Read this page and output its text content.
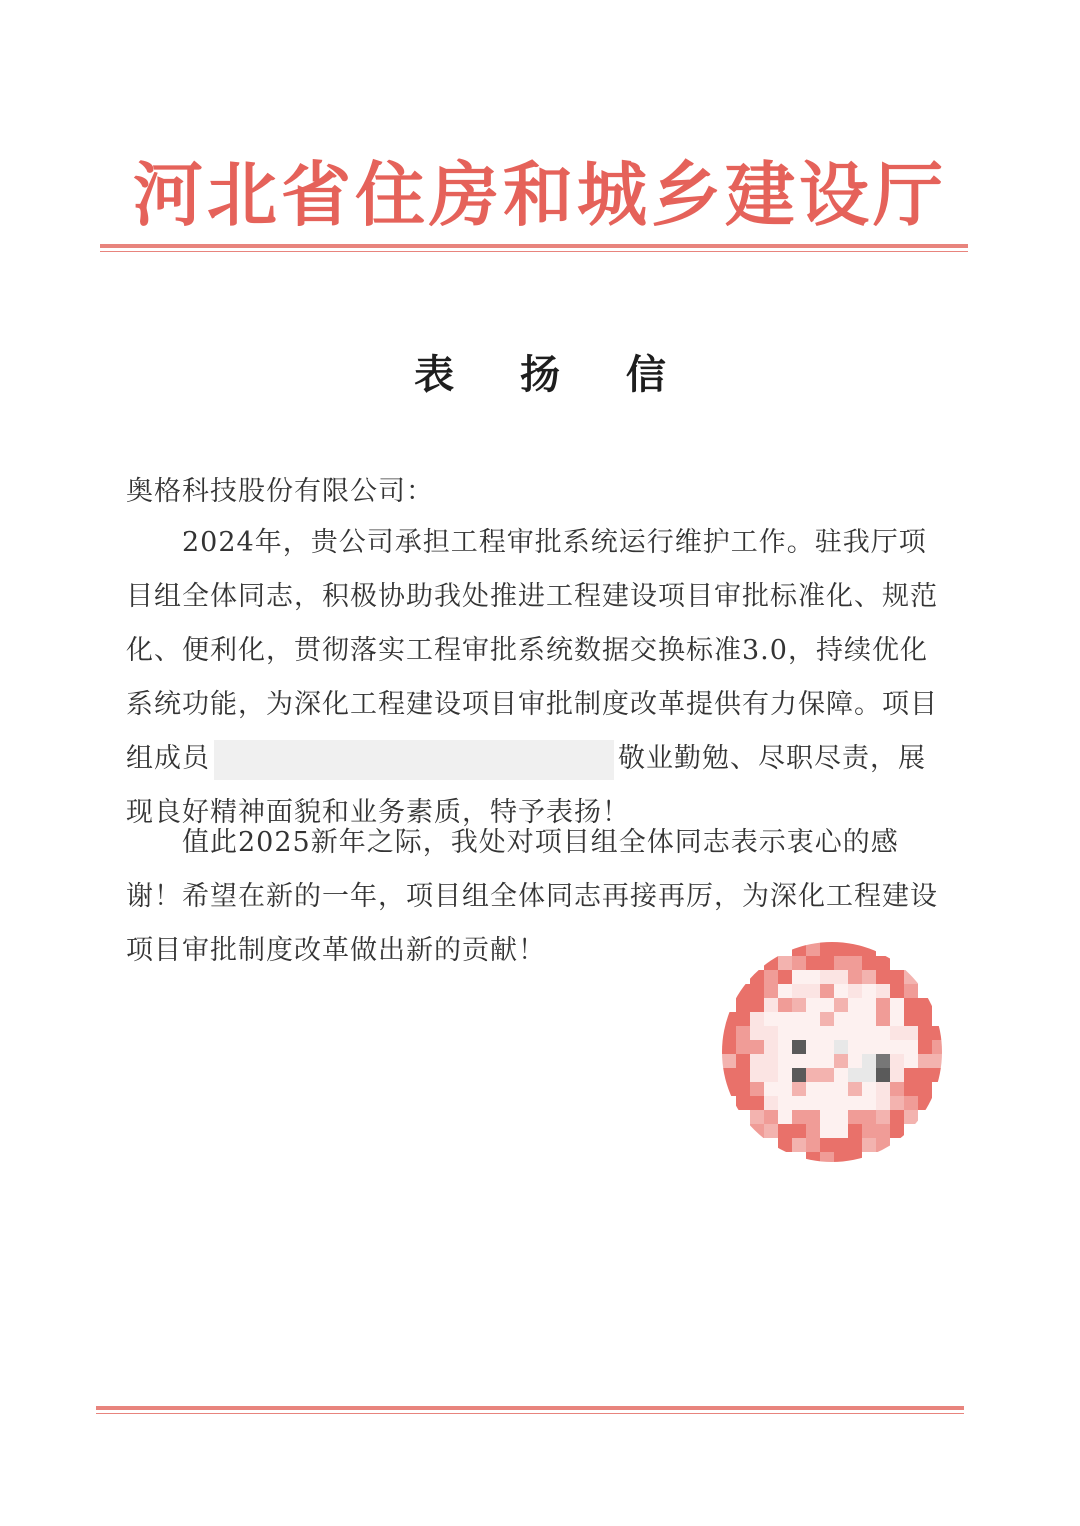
河北省住房和城乡建设厅
表 扬 信
奥格科技股份有限公司：
2024年，贵公司承担工程审批系统运行维护工作。驻我厅项目组全体同志，积极协助我处推进工程建设项目审批标准化、规范化、便利化，贯彻落实工程审批系统数据交换标准3.0，持续优化系统功能，为深化工程建设项目审批制度改革提供有力保障。项目组成员	敬业勤勉、尽职尽责，展现良好精神面貌和业务素质，特予表扬！
值此2025新年之际，我处对项目组全体同志表示衷心的感谢！希望在新的一年，项目组全体同志再接再厉，为深化工程建设项目审批制度改革做出新的贡献！
